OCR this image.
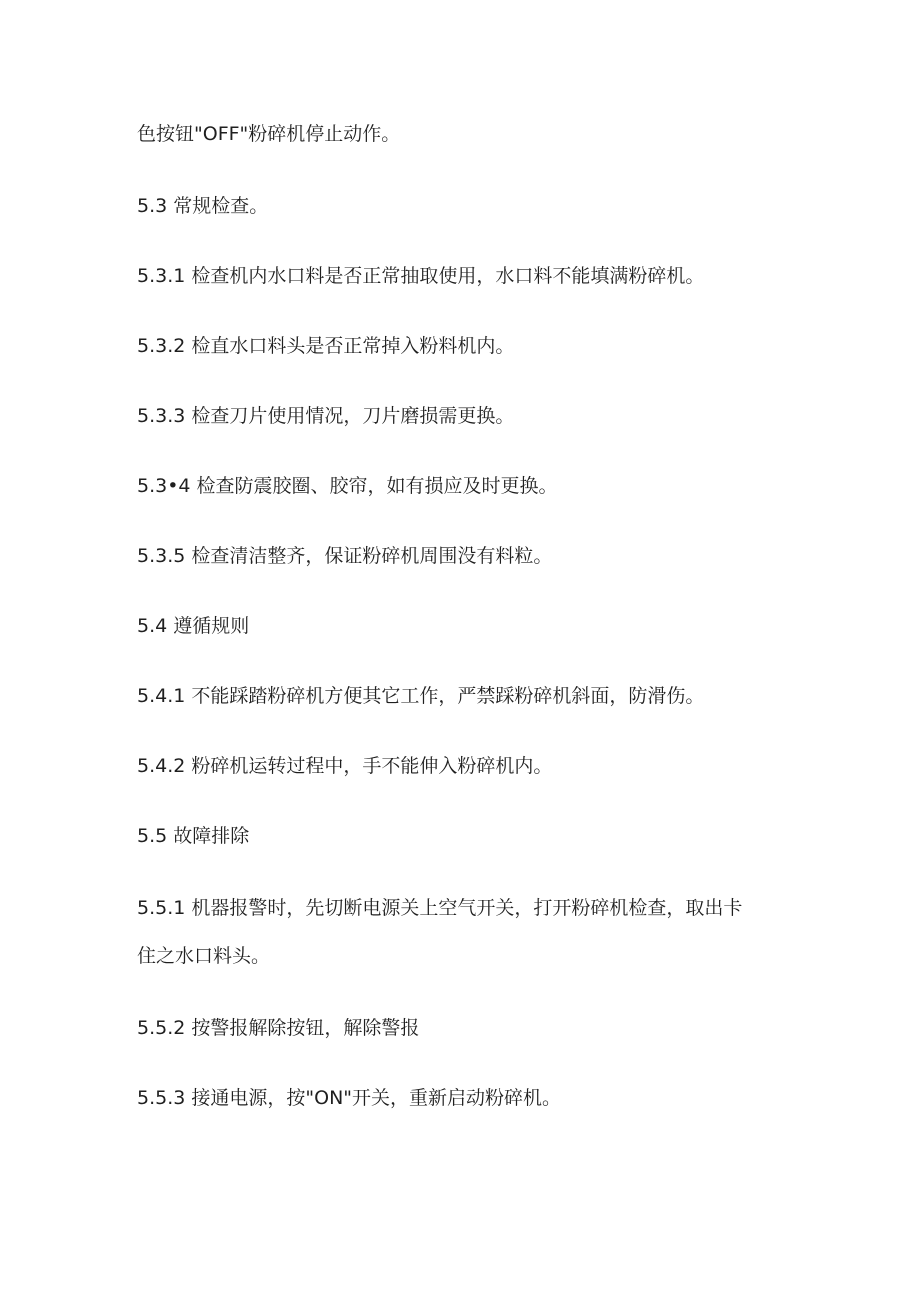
色按钮"OFF"粉碎机停止动作。

5.3 常规检查。

5.3.1 检查机内水口料是否正常抽取使用，水口料不能填满粉碎机。

5.3.2 检直水口料头是否正常掉入粉料机内。

5.3.3 检查刀片使用情况，刀片磨损需更换。

5.3•4 检查防震胶圈、胶帘，如有损应及时更换。

5.3.5 检查清洁整齐，保证粉碎机周围没有料粒。

5.4 遵循规则

5.4.1 不能踩踏粉碎机方便其它工作，严禁踩粉碎机斜面，防滑伤。

5.4.2 粉碎机运转过程中，手不能伸入粉碎机内。

5.5 故障排除

5.5.1 机器报警时，先切断电源关上空气开关，打开粉碎机检查，取出卡

住之水口料头。

5.5.2 按警报解除按钮，解除警报

5.5.3 接通电源，按"ON"开关，重新启动粉碎机。
